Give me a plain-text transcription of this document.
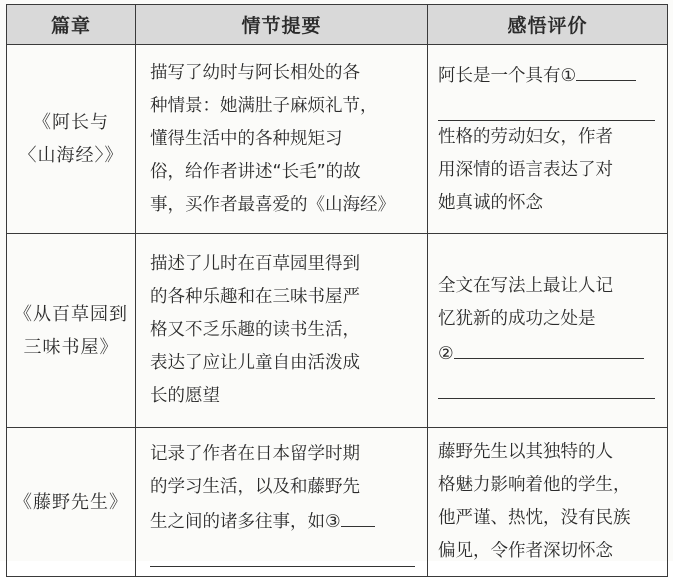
篇章	情节提要	感悟评价

《阿长与
〈山海经〉》	描写了幼时与阿长相处的各
种情景：她满肚子麻烦礼节，
懂得生活中的各种规矩习
俗，给作者讲述“长毛”的故
事，买作者最喜爱的《山海经》	阿长是一个具有①
性格的劳动妇女，作者
用深情的语言表达了对
她真诚的怀念

《从百草园到
三味书屋》	描述了儿时在百草园里得到
的各种乐趣和在三味书屋严
格又不乏乐趣的读书生活，
表达了应让儿童自由活泼成
长的愿望	全文在写法上最让人记
忆犹新的成功之处是
②

《藤野先生》	记录了作者在日本留学时期
的学习生活，以及和藤野先
生之间的诸多往事，如③	藤野先生以其独特的人
格魅力影响着他的学生，
他严谨、热忱，没有民族
偏见，令作者深切怀念
